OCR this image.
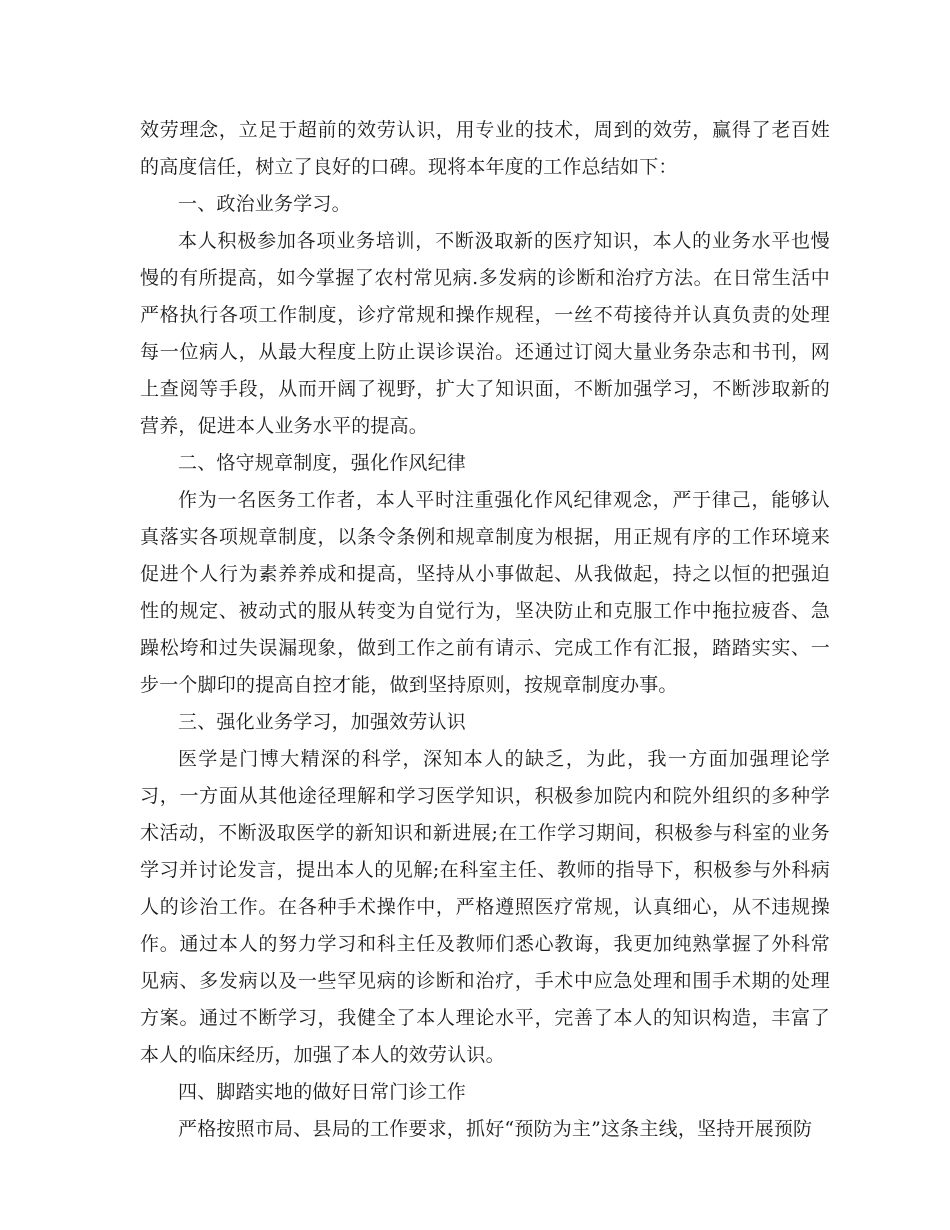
效劳理念，立足于超前的效劳认识，用专业的技术，周到的效劳，赢得了老百姓的高度信任，树立了良好的口碑。现将本年度的工作总结如下：

一、政治业务学习。

本人积极参加各项业务培训，不断汲取新的医疗知识，本人的业务水平也慢慢的有所提高，如今掌握了农村常见病.多发病的诊断和治疗方法。在日常生活中严格执行各项工作制度，诊疗常规和操作规程，一丝不苟接待并认真负责的处理每一位病人，从最大程度上防止误诊误治。还通过订阅大量业务杂志和书刊，网上查阅等手段，从而开阔了视野，扩大了知识面，不断加强学习，不断涉取新的营养，促进本人业务水平的提高。

二、恪守规章制度，强化作风纪律

作为一名医务工作者，本人平时注重强化作风纪律观念，严于律己，能够认真落实各项规章制度，以条令条例和规章制度为根据，用正规有序的工作环境来促进个人行为素养养成和提高，坚持从小事做起、从我做起，持之以恒的把强迫性的规定、被动式的服从转变为自觉行为，坚决防止和克服工作中拖拉疲沓、急躁松垮和过失误漏现象，做到工作之前有请示、完成工作有汇报，踏踏实实、一步一个脚印的提高自控才能，做到坚持原则，按规章制度办事。

三、强化业务学习，加强效劳认识

医学是门博大精深的科学，深知本人的缺乏，为此，我一方面加强理论学习，一方面从其他途径理解和学习医学知识，积极参加院内和院外组织的多种学术活动，不断汲取医学的新知识和新进展;在工作学习期间，积极参与科室的业务学习并讨论发言，提出本人的见解;在科室主任、教师的指导下，积极参与外科病人的诊治工作。在各种手术操作中，严格遵照医疗常规，认真细心，从不违规操作。通过本人的努力学习和科主任及教师们悉心教诲，我更加纯熟掌握了外科常见病、多发病以及一些罕见病的诊断和治疗，手术中应急处理和围手术期的处理方案。通过不断学习，我健全了本人理论水平，完善了本人的知识构造，丰富了本人的临床经历，加强了本人的效劳认识。

四、脚踏实地的做好日常门诊工作

严格按照市局、县局的工作要求，抓好“预防为主”这条主线，坚持开展预防
